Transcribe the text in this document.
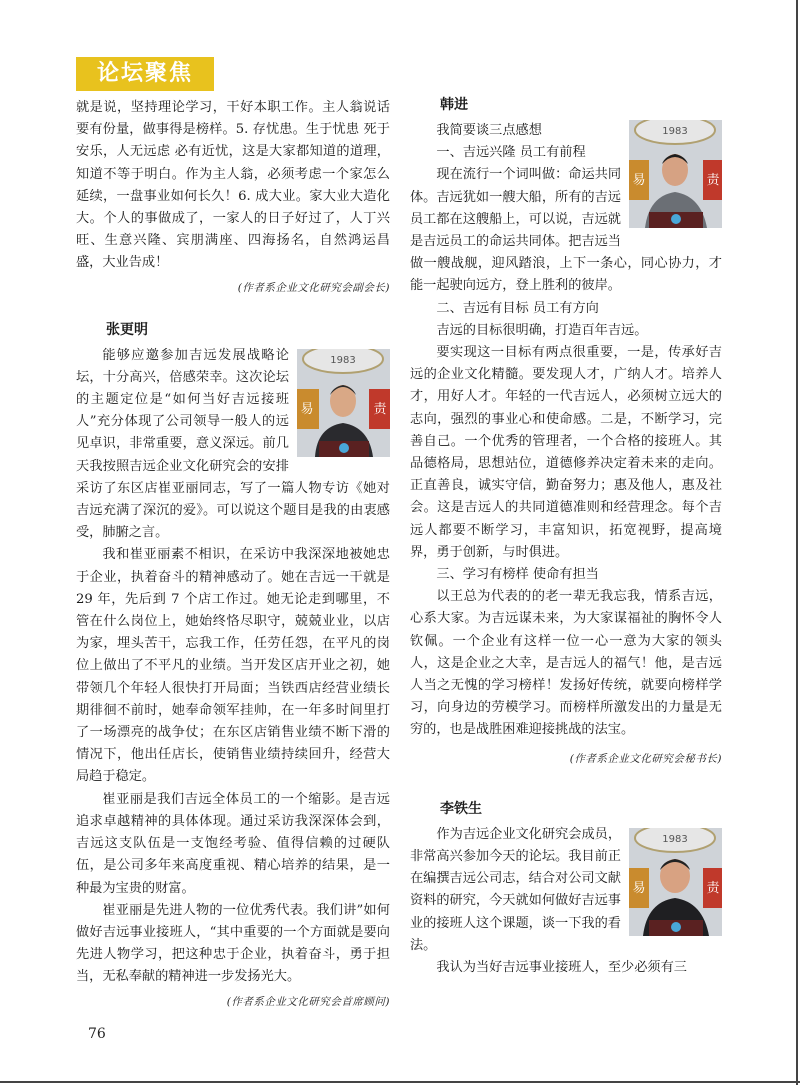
论坛聚焦

就是说，坚持理论学习，干好本职工作。主人翁说话要有份量，做事得是榜样。5. 存忧患。生于忧患 死于安乐，人无远虑 必有近忧，这是大家都知道的道理，知道不等于明白。作为主人翁，必须考虑一个家怎么延续，一盘事业如何长久！6. 成大业。家大业大造化大。个人的事做成了，一家人的日子好过了，人丁兴旺、生意兴隆、宾朋满座、四海扬名，自然鸿运昌盛，大业告成！

(作者系企业文化研究会副会长)
张更明
1983
易	责

能够应邀参加吉远发展战略论坛，十分高兴，倍感荣幸。这次论坛的主题定位是“如何当好吉远接班人”充分体现了公司领导一般人的远见卓识，非常重要，意义深远。前几天我按照吉远企业文化研究会的安排采访了东区店崔亚丽同志，写了一篇人物专访《她对吉远充满了深沉的爱》。可以说这个题目是我的由衷感受，肺腑之言。

我和崔亚丽素不相识，在采访中我深深地被她忠于企业，执着奋斗的精神感动了。她在吉远一干就是 29 年，先后到 7 个店工作过。她无论走到哪里，不管在什么岗位上，她始终恪尽职守，兢兢业业，以店为家，埋头苦干，忘我工作，任劳任怨，在平凡的岗位上做出了不平凡的业绩。当开发区店开业之初，她带领几个年轻人很快打开局面；当铁西店经营业绩长期徘徊不前时，她奉命领军挂帅，在一年多时间里打了一场漂亮的战争仗；在东区店销售业绩不断下滑的情况下，他出任店长，使销售业绩持续回升，经营大局趋于稳定。

崔亚丽是我们吉远全体员工的一个缩影。是吉远追求卓越精神的具体体现。通过采访我深深体会到，吉远这支队伍是一支饱经考验、值得信赖的过硬队伍，是公司多年来高度重视、精心培养的结果，是一种最为宝贵的财富。

崔亚丽是先进人物的一位优秀代表。我们讲”如何做好吉远事业接班人，“其中重要的一个方面就是要向先进人物学习，把这种忠于企业，执着奋斗，勇于担当，无私奉献的精神进一步发扬光大。

(作者系企业文化研究会首席顾问)
韩进
1983
易	责

我简要谈三点感想

一、吉远兴隆 员工有前程

现在流行一个词叫做：命运共同体。吉远犹如一艘大船，所有的吉远员工都在这艘船上，可以说，吉远就是吉远员工的命运共同体。把吉远当做一艘战舰，迎风踏浪，上下一条心，同心协力，才能一起驶向远方，登上胜利的彼岸。

二、吉远有目标 员工有方向

吉远的目标很明确，打造百年吉远。

要实现这一目标有两点很重要，一是，传承好吉远的企业文化精髓。要发现人才，广纳人才。培养人才，用好人才。年轻的一代吉远人，必须树立远大的志向，强烈的事业心和使命感。二是，不断学习，完善自己。一个优秀的管理者，一个合格的接班人。其品德格局，思想站位，道德修养决定着未来的走向。正直善良，诚实守信，勤奋努力；惠及他人，惠及社会。这是吉远人的共同道德准则和经营理念。每个吉远人都要不断学习，丰富知识，拓宽视野，提高境界，勇于创新，与时俱进。

三、学习有榜样 使命有担当

以王总为代表的的老一辈无我忘我，情系吉远，心系大家。为吉远谋未来，为大家谋福祉的胸怀令人钦佩。一个企业有这样一位一心一意为大家的领头人，这是企业之大幸，是吉远人的福气！他，是吉远人当之无愧的学习榜样！发扬好传统，就要向榜样学习，向身边的劳模学习。而榜样所激发出的力量是无穷的，也是战胜困难迎接挑战的法宝。

(作者系企业文化研究会秘书长)
李铁生
1983
易	责

作为吉远企业文化研究会成员，非常高兴参加今天的论坛。我目前正在编撰吉远公司志，结合对公司文献资料的研究，今天就如何做好吉远事业的接班人这个课题，谈一下我的看法。

我认为当好吉远事业接班人，至少必须有三

76
